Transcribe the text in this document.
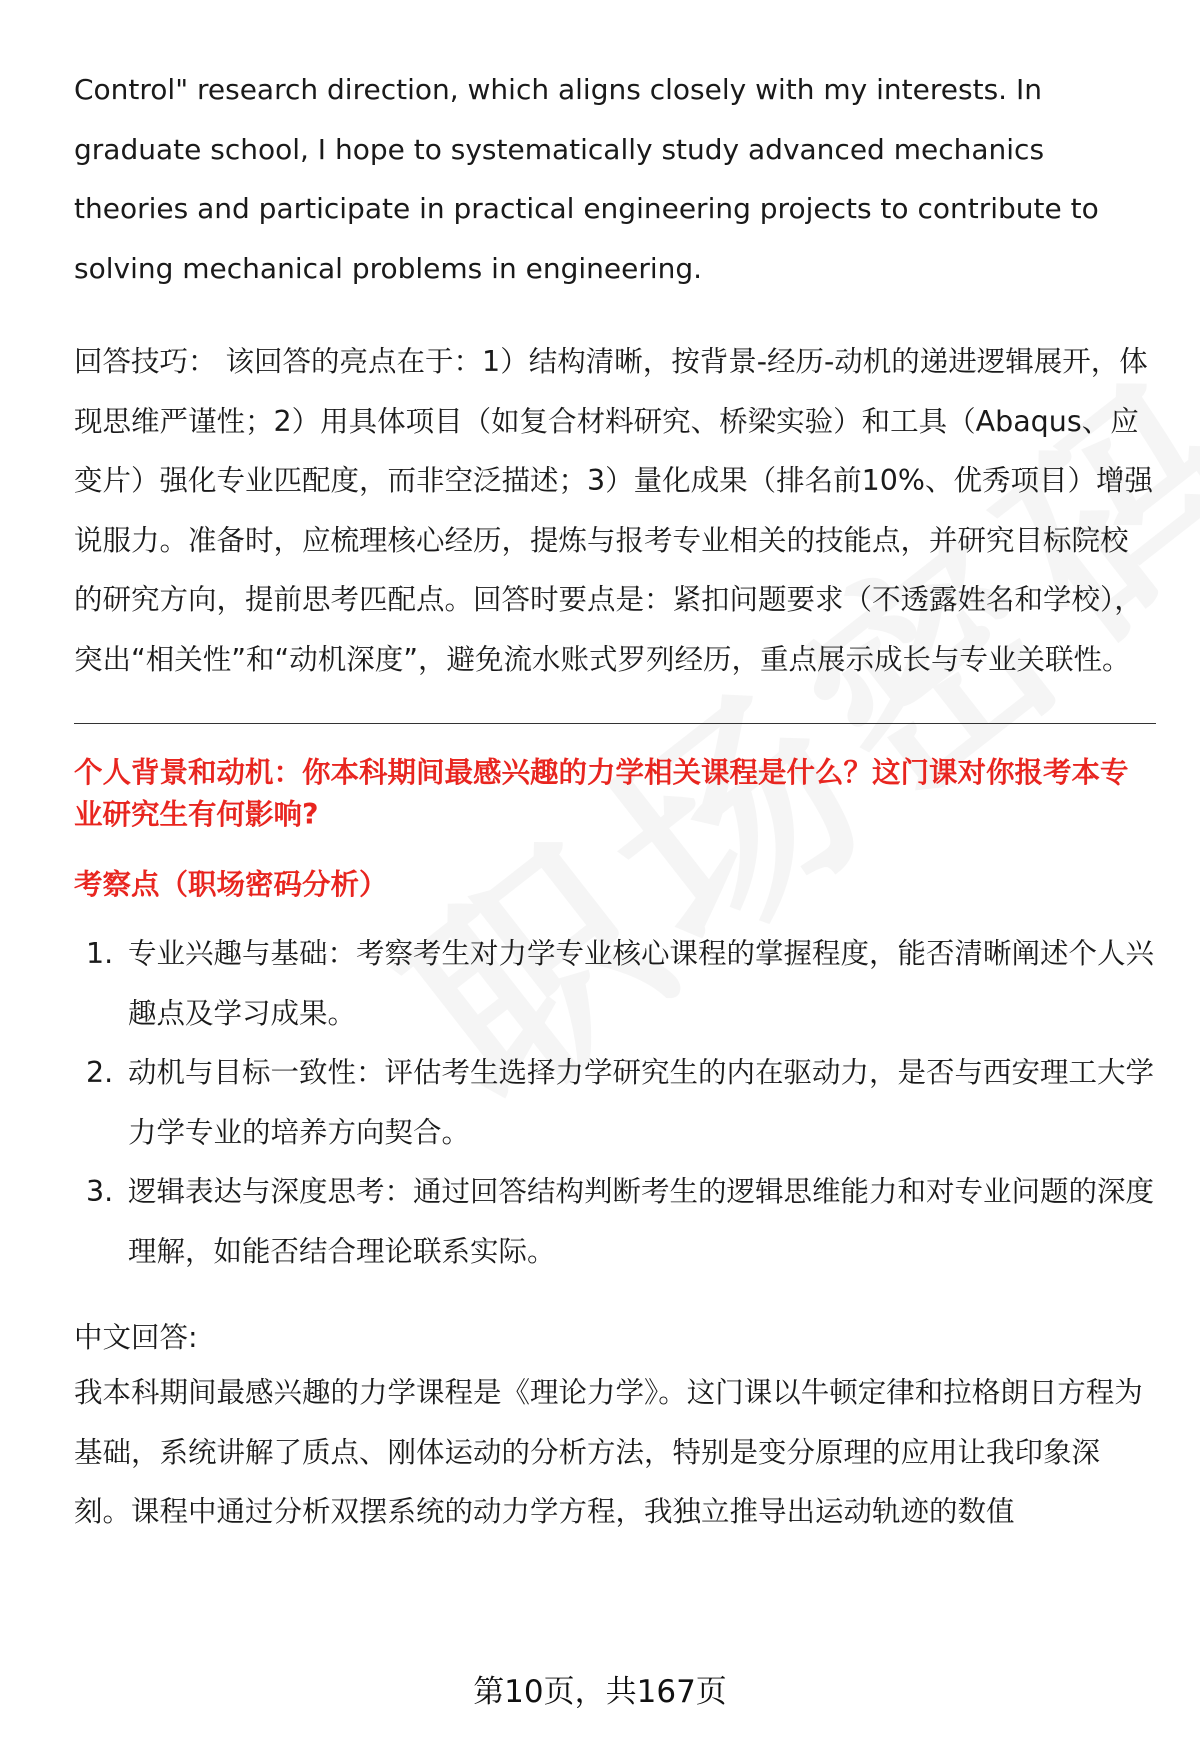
Control" research direction, which aligns closely with my interests. In graduate school, I hope to systematically study advanced mechanics theories and participate in practical engineering projects to contribute to solving mechanical problems in engineering.

回答技巧： 该回答的亮点在于：1）结构清晰，按背景-经历-动机的递进逻辑展开，体现思维严谨性；2）用具体项目（如复合材料研究、桥梁实验）和工具（Abaqus、应变片）强化专业匹配度，而非空泛描述；3）量化成果（排名前10%、优秀项目）增强说服力。准备时，应梳理核心经历，提炼与报考专业相关的技能点，并研究目标院校的研究方向，提前思考匹配点。回答时要点是：紧扣问题要求（不透露姓名和学校），突出“相关性”和“动机深度”，避免流水账式罗列经历，重点展示成长与专业关联性。

个人背景和动机：你本科期间最感兴趣的力学相关课程是什么？这门课对你报考本专业研究生有何影响?

考察点（职场密码分析）

1. 专业兴趣与基础：考察考生对力学专业核心课程的掌握程度，能否清晰阐述个人兴趣点及学习成果。
2. 动机与目标一致性：评估考生选择力学研究生的内在驱动力，是否与西安理工大学力学专业的培养方向契合。
3. 逻辑表达与深度思考：通过回答结构判断考生的逻辑思维能力和对专业问题的深度理解，如能否结合理论联系实际。

中文回答:

我本科期间最感兴趣的力学课程是《理论力学》。这门课以牛顿定律和拉格朗日方程为基础，系统讲解了质点、刚体运动的分析方法，特别是变分原理的应用让我印象深刻。课程中通过分析双摆系统的动力学方程，我独立推导出运动轨迹的数值

第10页，共167页
